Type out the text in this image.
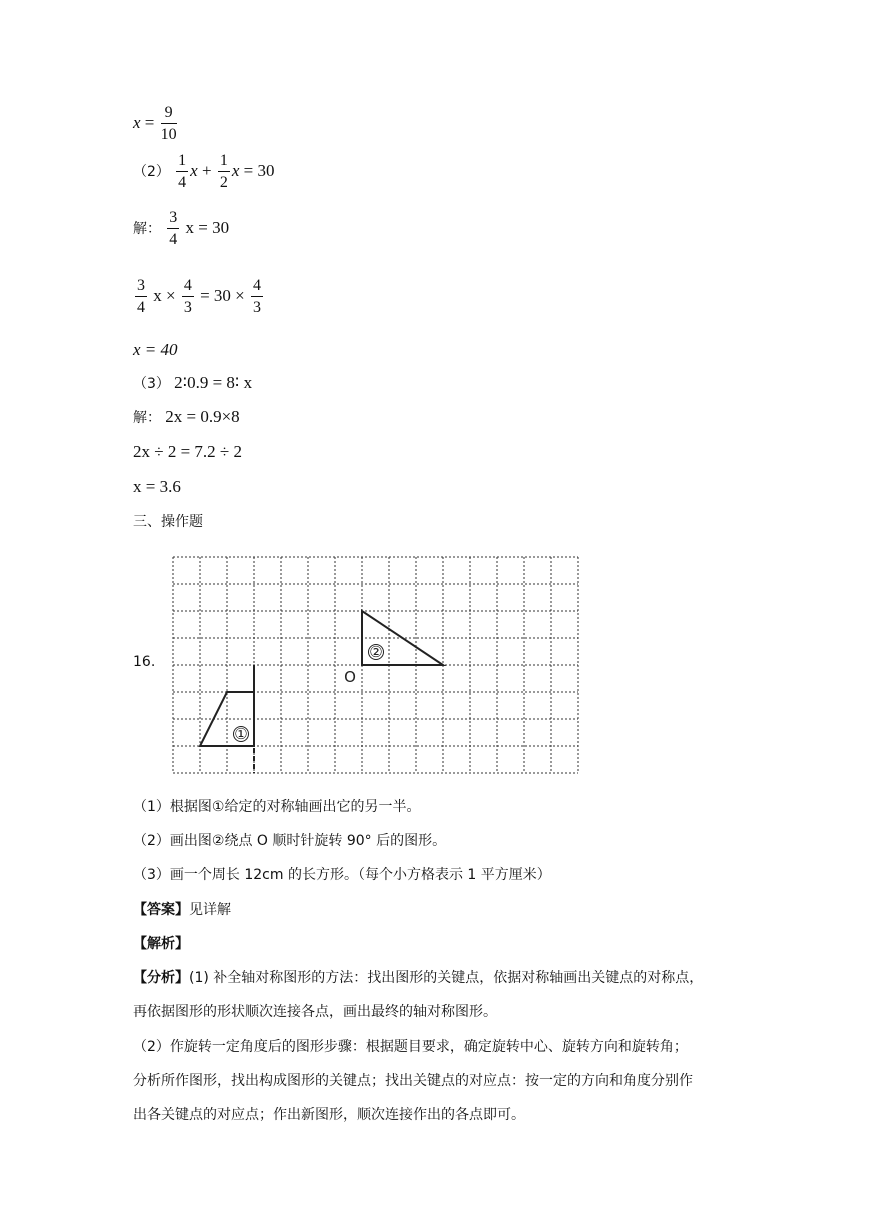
$x = \frac{9}{10}$
$(2) \frac{1}{4}$ $x + \frac{1}{2}$ x = 30
解： $\frac{3}{4}$ x = 30
$\frac{3}{4}$ $x \times \frac{4}{3} = 30 \times \frac{4}{3}$
x = 40
（3） 2∶0.9 = 8∶ x
解： 2x = 0.9×8
2x ÷ 2 = 7.2 ÷ 2
x = 3.6
三、操作题
16.
①
②
O
（1）根据图①给定的对称轴画出它的另一半。
（2）画出图②绕点 O 顺时针旋转 90° 后的图形。
（3）画一个周长 12cm 的长方形。（每个小方格表示 1 平方厘米）
【答案】见详解
【解析】
【分析】(1) 补全轴对称图形的方法：找出图形的关键点，依据对称轴画出关键点的对称点，
再依据图形的形状顺次连接各点，画出最终的轴对称图形。
（2）作旋转一定角度后的图形步骤：根据题目要求，确定旋转中心、旋转方向和旋转角；
分析所作图形，找出构成图形的关键点；找出关键点的对应点：按一定的方向和角度分别作
出各关键点的对应点；作出新图形，顺次连接作出的各点即可。
